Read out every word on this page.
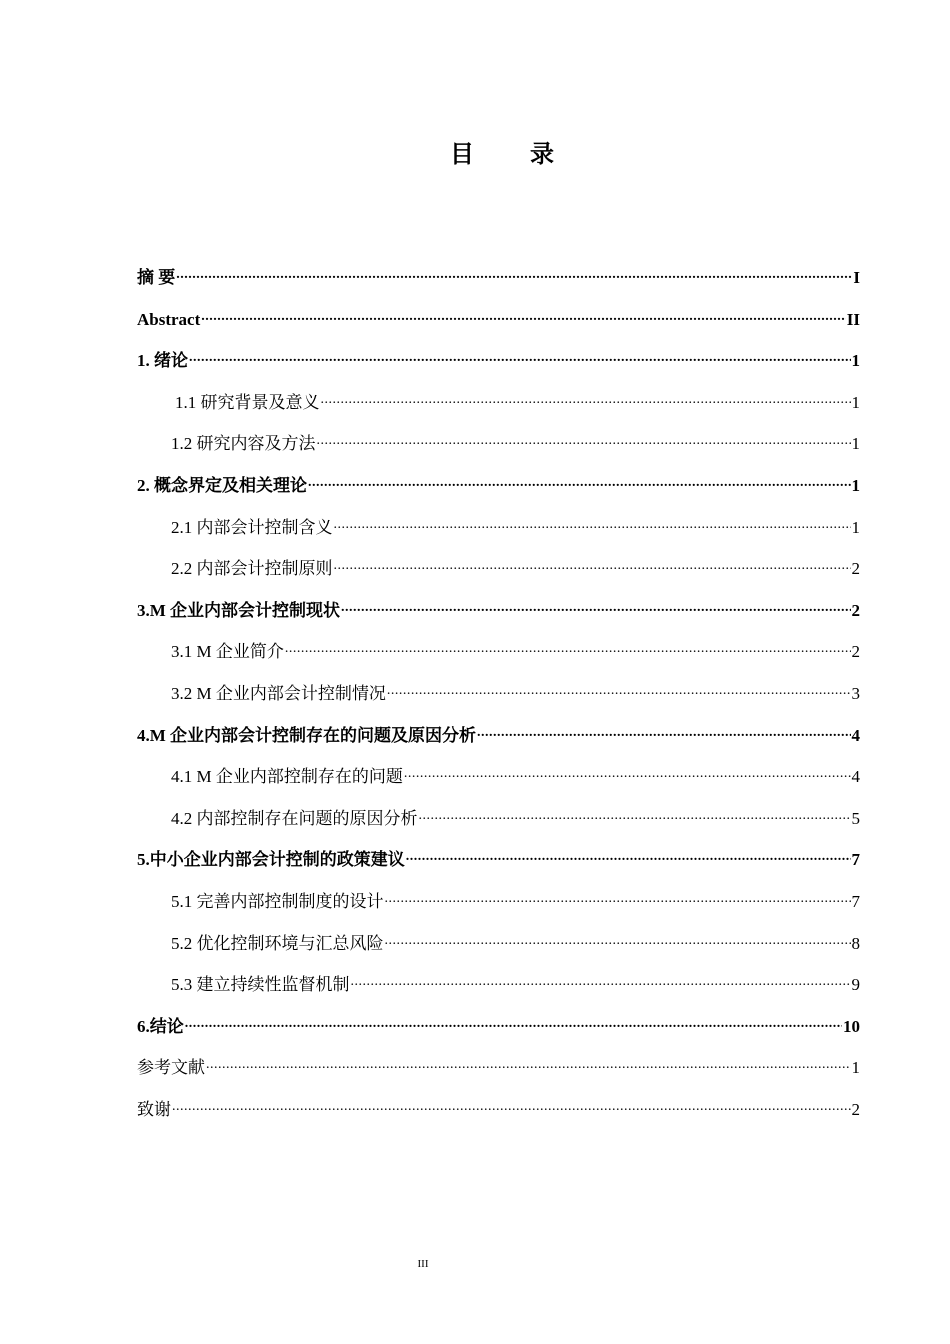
目　录
摘 要 .....	I
Abstract .....	II
1. 绪论 .....	1
1.1 研究背景及意义 .....	1
1.2 研究内容及方法 .....	1
2. 概念界定及相关理论 .....	1
2.1 内部会计控制含义 .....	1
2.2 内部会计控制原则 .....	2
3.M 企业内部会计控制现状 .....	2
3.1 M 企业简介 .....	2
3.2 M 企业内部会计控制情况 .....	3
4.M 企业内部会计控制存在的问题及原因分析 .....	4
4.1 M 企业内部控制存在的问题 .....	4
4.2 内部控制存在问题的原因分析 .....	5
5.中小企业内部会计控制的政策建议 .....	7
5.1 完善内部控制制度的设计 .....	7
5.2 优化控制环境与汇总风险 .....	8
5.3 建立持续性监督机制 .....	9
6.结论 .....	10
参考文献 .....	1
致谢 .....	2
III
